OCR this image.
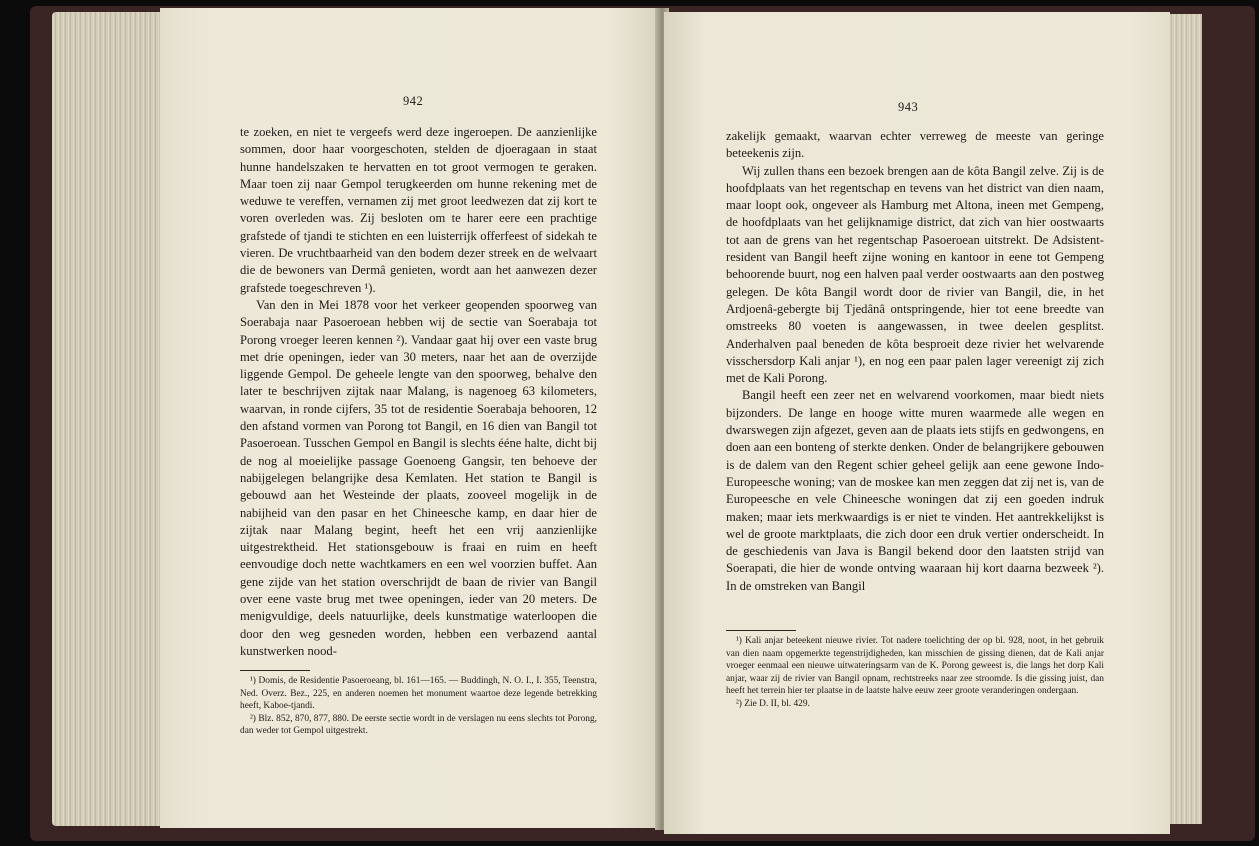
942

te zoeken, en niet te vergeefs werd deze ingeroepen. De aanzienlijke sommen, door haar voorgeschoten, stelden de djoeragaan in staat hunne handelszaken te hervatten en tot groot vermogen te geraken. Maar toen zij naar Gempol terugkeerden om hunne rekening met de weduwe te vereffen, vernamen zij met groot leedwezen dat zij kort te voren overleden was. Zij besloten om te harer eere een prachtige grafstede of tjandi te stichten en een luisterrijk offerfeest of sidekah te vieren. De vruchtbaarheid van den bodem dezer streek en de welvaart die de bewoners van Dermâ genieten, wordt aan het aanwezen dezer grafstede toegeschreven ¹).

Van den in Mei 1878 voor het verkeer geopenden spoorweg van Soerabaja naar Pasoeroean hebben wij de sectie van Soerabaja tot Porong vroeger leeren kennen ²). Vandaar gaat hij over een vaste brug met drie openingen, ieder van 30 meters, naar het aan de overzijde liggende Gempol. De geheele lengte van den spoorweg, behalve den later te beschrijven zijtak naar Malang, is nagenoeg 63 kilometers, waarvan, in ronde cijfers, 35 tot de residentie Soerabaja behooren, 12 den afstand vormen van Porong tot Bangil, en 16 dien van Bangil tot Pasoeroean. Tusschen Gempol en Bangil is slechts ééne halte, dicht bij de nog al moeielijke passage Goenoeng Gangsir, ten behoeve der nabijgelegen belangrijke desa Kemlaten. Het station te Bangil is gebouwd aan het Westeinde der plaats, zooveel mogelijk in de nabijheid van den pasar en het Chineesche kamp, en daar hier de zijtak naar Malang begint, heeft het een vrij aanzienlijke uitgestrektheid. Het stationsgebouw is fraai en ruim en heeft eenvoudige doch nette wachtkamers en een wel voorzien buffet. Aan gene zijde van het station overschrijdt de baan de rivier van Bangil over eene vaste brug met twee openingen, ieder van 20 meters. De menigvuldige, deels natuurlijke, deels kunstmatige waterloopen die door den weg gesneden worden, hebben een verbazend aantal kunstwerken nood-

¹) Domis, de Residentie Pasoeroeang, bl. 161—165. — Buddingh, N. O. I., I. 355, Teenstra, Ned. Overz. Bez., 225, en anderen noemen het monument waartoe deze legende betrekking heeft, Kaboe-tjandi.

²) Blz. 852, 870, 877, 880. De eerste sectie wordt in de verslagen nu eens slechts tot Porong, dan weder tot Gempol uitgestrekt.

943

zakelijk gemaakt, waarvan echter verreweg de meeste van geringe beteekenis zijn.

Wij zullen thans een bezoek brengen aan de kôta Bangil zelve. Zij is de hoofdplaats van het regentschap en tevens van het district van dien naam, maar loopt ook, ongeveer als Hamburg met Altona, ineen met Gempeng, de hoofdplaats van het gelijknamige district, dat zich van hier oostwaarts tot aan de grens van het regentschap Pasoeroean uitstrekt. De Adsistent-resident van Bangil heeft zijne woning en kantoor in eene tot Gempeng behoorende buurt, nog een halven paal verder oostwaarts aan den postweg gelegen. De kôta Bangil wordt door de rivier van Bangil, die, in het Ardjoenâ-gebergte bij Tjedânâ ontspringende, hier tot eene breedte van omstreeks 80 voeten is aangewassen, in twee deelen gesplitst. Anderhalven paal beneden de kôta besproeit deze rivier het welvarende visschersdorp Kali anjar ¹), en nog een paar palen lager vereenigt zij zich met de Kali Porong.

Bangil heeft een zeer net en welvarend voorkomen, maar biedt niets bijzonders. De lange en hooge witte muren waarmede alle wegen en dwarswegen zijn afgezet, geven aan de plaats iets stijfs en gedwongens, en doen aan een bonteng of sterkte denken. Onder de belangrijkere gebouwen is de dalem van den Regent schier geheel gelijk aan eene gewone Indo-Europeesche woning; van de moskee kan men zeggen dat zij net is, van de Europeesche en vele Chineesche woningen dat zij een goeden indruk maken; maar iets merkwaardigs is er niet te vinden. Het aantrekkelijkst is wel de groote marktplaats, die zich door een druk vertier onderscheidt. In de geschiedenis van Java is Bangil bekend door den laatsten strijd van Soerapati, die hier de wonde ontving waaraan hij kort daarna bezweek ²). In de omstreken van Bangil

¹) Kali anjar beteekent nieuwe rivier. Tot nadere toelichting der op bl. 928, noot, in het gebruik van dien naam opgemerkte tegenstrijdigheden, kan misschien de gissing dienen, dat de Kali anjar vroeger eenmaal een nieuwe uitwateringsarm van de K. Porong geweest is, die langs het dorp Kali anjar, waar zij de rivier van Bangil opnam, rechtstreeks naar zee stroomde. Is die gissing juist, dan heeft het terrein hier ter plaatse in de laatste halve eeuw zeer groote veranderingen ondergaan.

²) Zie D. II, bl. 429.
